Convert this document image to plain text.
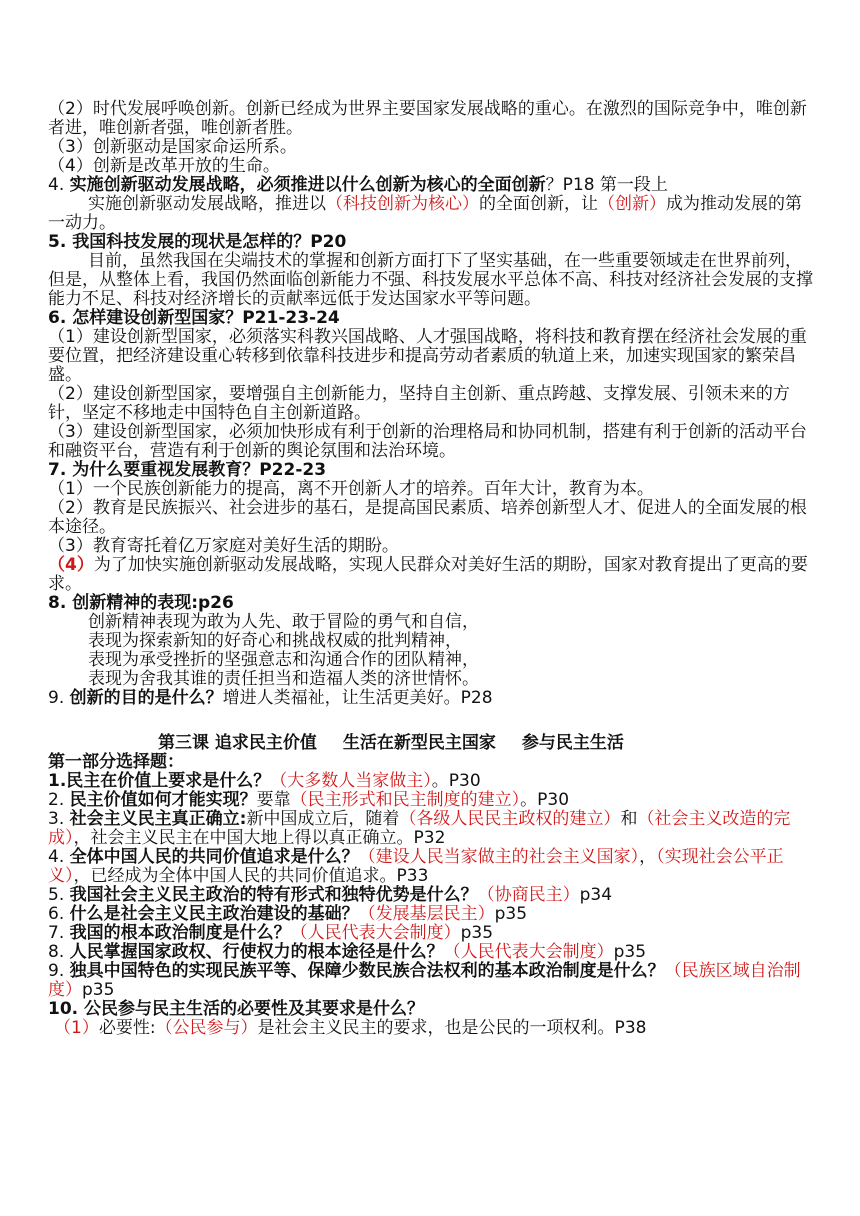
（2）时代发展呼唤创新。创新已经成为世界主要国家发展战略的重心。在激烈的国际竞争中，唯创新者进，唯创新者强，唯创新者胜。

（3）创新驱动是国家命运所系。

（4）创新是改革开放的生命。

4. 实施创新驱动发展战略，必须推进以什么创新为核心的全面创新？P18 第一段上

实施创新驱动发展战略，推进以（科技创新为核心）的全面创新，让（创新）成为推动发展的第一动力。

5. 我国科技发展的现状是怎样的？P20

目前，虽然我国在尖端技术的掌握和创新方面打下了坚实基础，在一些重要领域走在世界前列，但是，从整体上看，我国仍然面临创新能力不强、科技发展水平总体不高、科技对经济社会发展的支撑能力不足、科技对经济增长的贡献率远低于发达国家水平等问题。

6. 怎样建设创新型国家？P21-23-24

（1）建设创新型国家，必须落实科教兴国战略、人才强国战略，将科技和教育摆在经济社会发展的重要位置，把经济建设重心转移到依靠科技进步和提高劳动者素质的轨道上来，加速实现国家的繁荣昌盛。

（2）建设创新型国家，要增强自主创新能力，坚持自主创新、重点跨越、支撑发展、引领未来的方针，坚定不移地走中国特色自主创新道路。

（3）建设创新型国家，必须加快形成有利于创新的治理格局和协同机制，搭建有利于创新的活动平台和融资平台，营造有利于创新的舆论氛围和法治环境。

7. 为什么要重视发展教育？P22-23

（1）一个民族创新能力的提高，离不开创新人才的培养。百年大计，教育为本。

（2）教育是民族振兴、社会进步的基石，是提高国民素质、培养创新型人才、促进人的全面发展的根本途径。

（3）教育寄托着亿万家庭对美好生活的期盼。

（4）为了加快实施创新驱动发展战略，实现人民群众对美好生活的期盼，国家对教育提出了更高的要求。

8. 创新精神的表现:p26

创新精神表现为敢为人先、敢于冒险的勇气和自信，

表现为探索新知的好奇心和挑战权威的批判精神，

表现为承受挫折的坚强意志和沟通合作的团队精神，

表现为舍我其谁的责任担当和造福人类的济世情怀。

9. 创新的目的是什么？增进人类福祉，让生活更美好。P28

第三课 追求民主价值 生活在新型民主国家 参与民主生活

第一部分选择题：

1.民主在价值上要求是什么？（大多数人当家做主）。P30

2. 民主价值如何才能实现？要靠（民主形式和民主制度的建立）。P30

3. 社会主义民主真正确立:新中国成立后，随着（各级人民民主政权的建立）和（社会主义改造的完成），社会主义民主在中国大地上得以真正确立。P32

4. 全体中国人民的共同价值追求是什么？（建设人民当家做主的社会主义国家），（实现社会公平正义），已经成为全体中国人民的共同价值追求。P33

5. 我国社会主义民主政治的特有形式和独特优势是什么？（协商民主）p34

6. 什么是社会主义民主政治建设的基础？（发展基层民主）p35

7. 我国的根本政治制度是什么？（人民代表大会制度）p35

8. 人民掌握国家政权、行使权力的根本途径是什么？（人民代表大会制度）p35

9. 独具中国特色的实现民族平等、保障少数民族合法权利的基本政治制度是什么？（民族区域自治制度）p35

10. 公民参与民主生活的必要性及其要求是什么？

（1）必要性:（公民参与）是社会主义民主的要求，也是公民的一项权利。P38
